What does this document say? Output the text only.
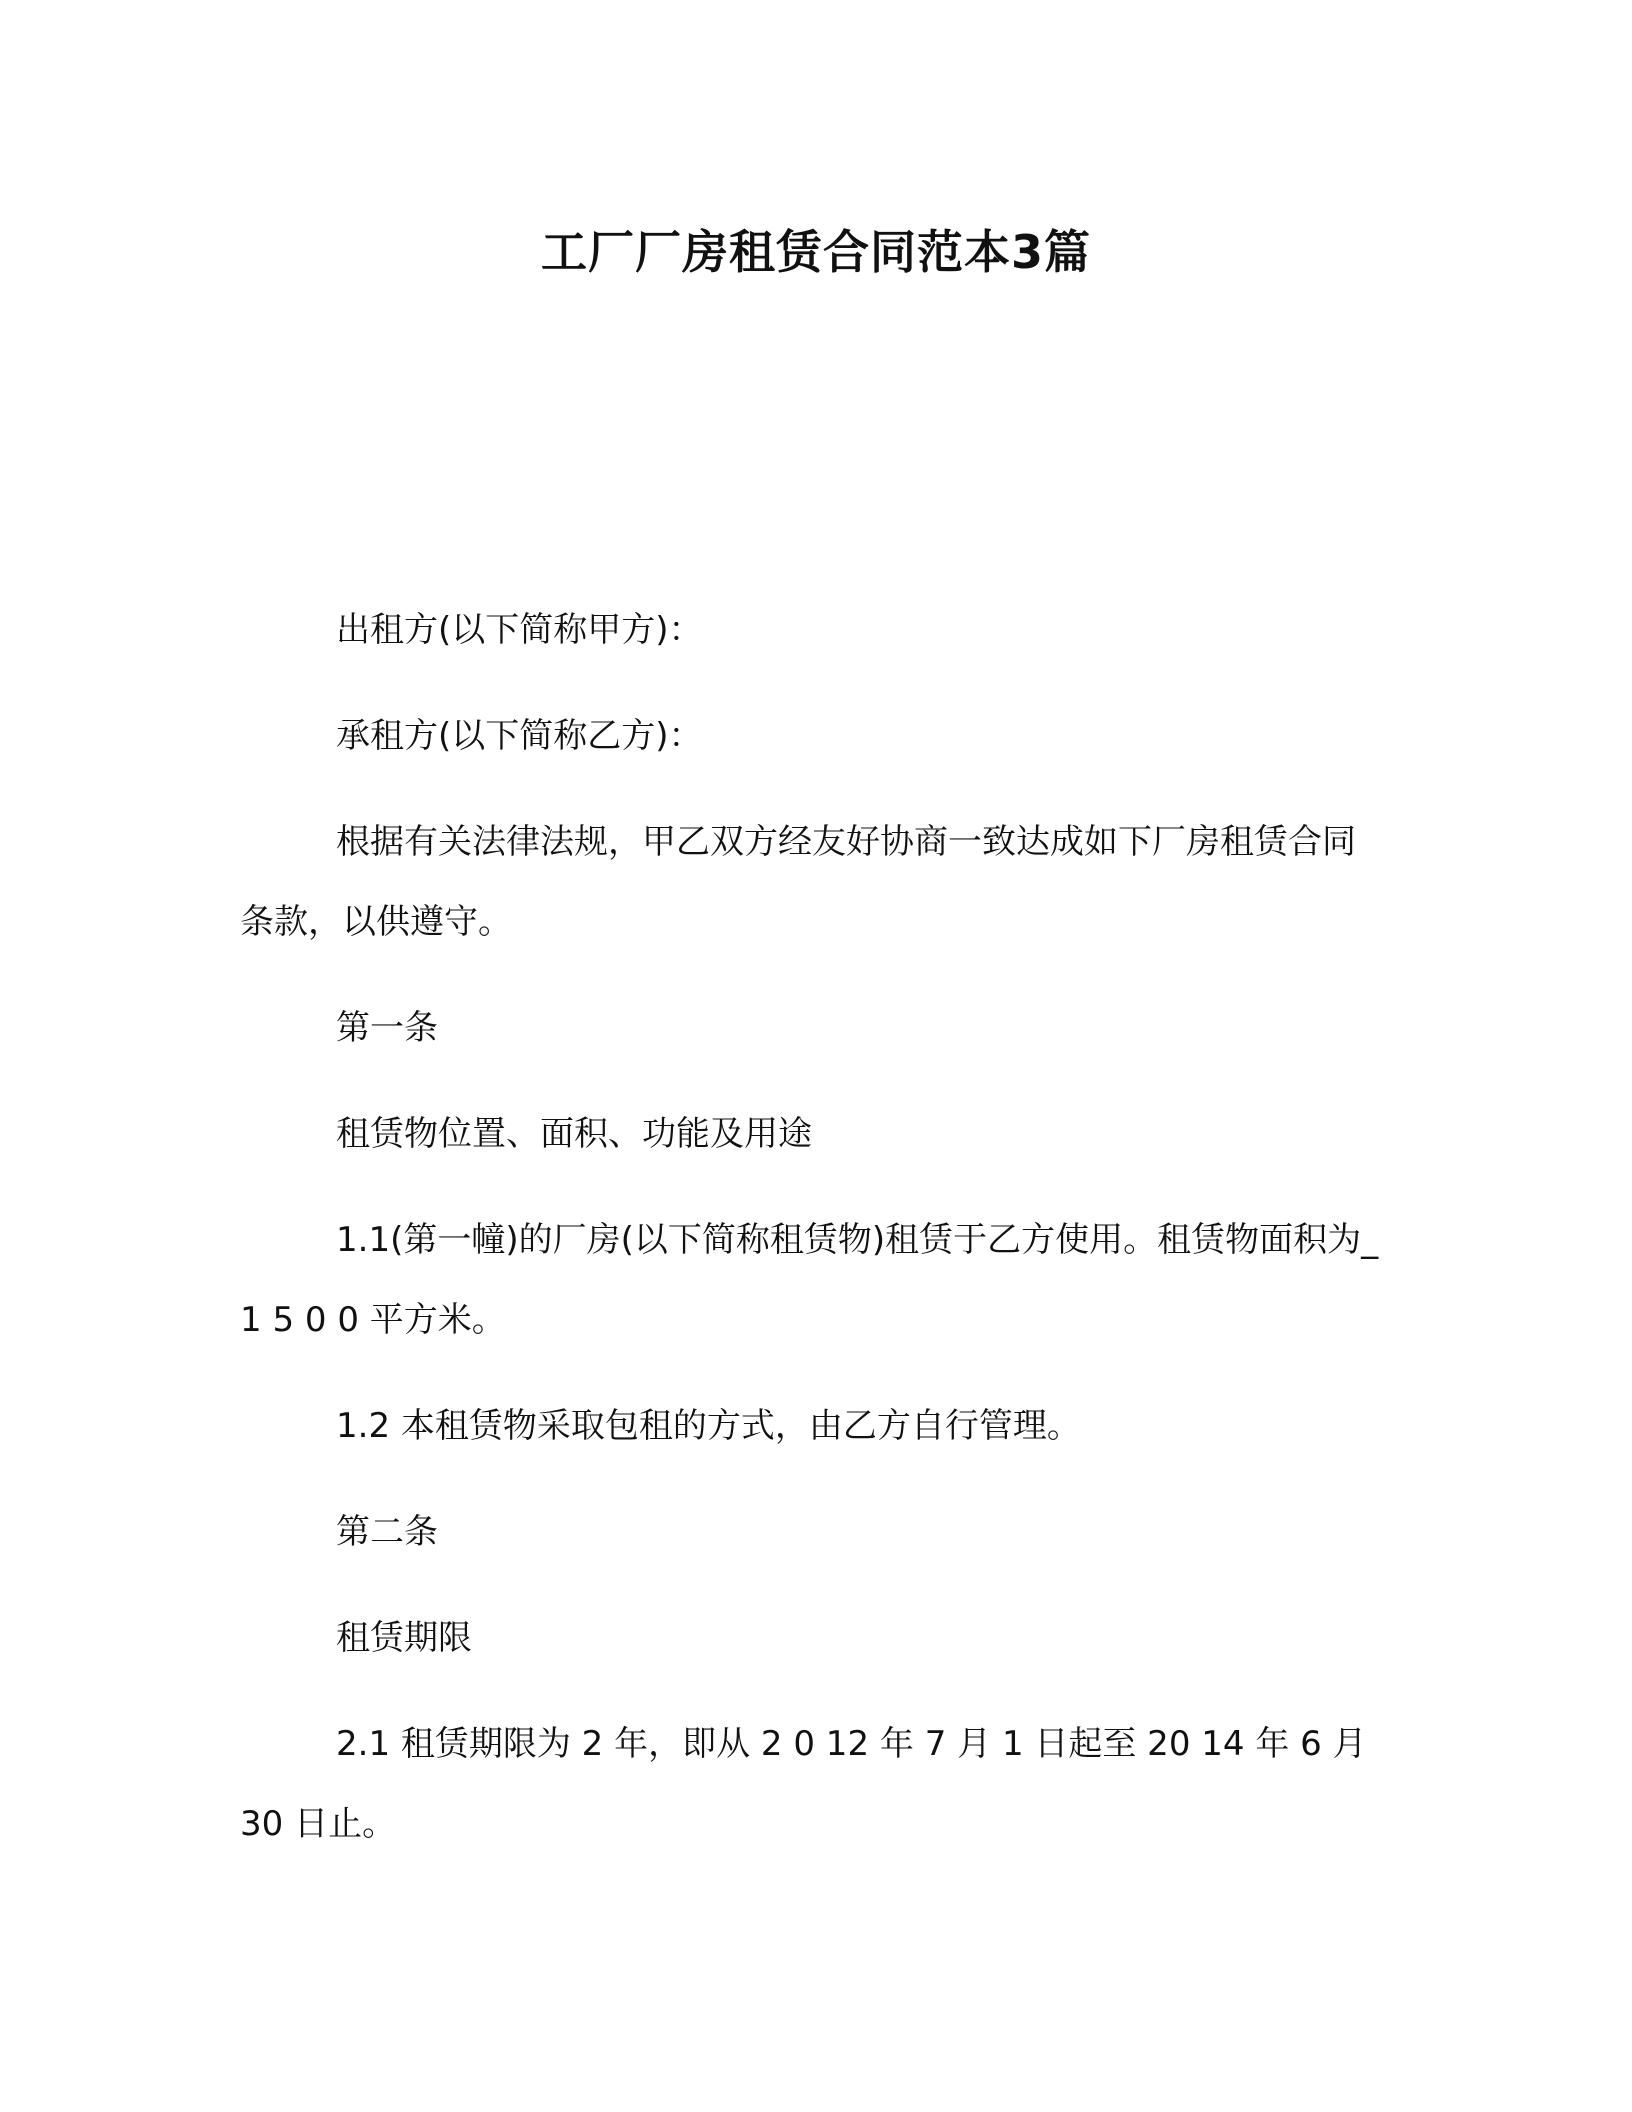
工厂厂房租赁合同范本3篇

出租方(以下简称甲方)：

承租方(以下简称乙方)：

根据有关法律法规，甲乙双方经友好协商一致达成如下厂房租赁合同条款，以供遵守。

第一条

租赁物位置、面积、功能及用途

1.1(第一幢)的厂房(以下简称租赁物)租赁于乙方使用。租赁物面积为_1 5 0 0 平方米。

1.2 本租赁物采取包租的方式，由乙方自行管理。

第二条

租赁期限

2.1 租赁期限为 2 年，即从 2 0 12 年 7 月 1 日起至 20 14 年 6 月 30 日止。
